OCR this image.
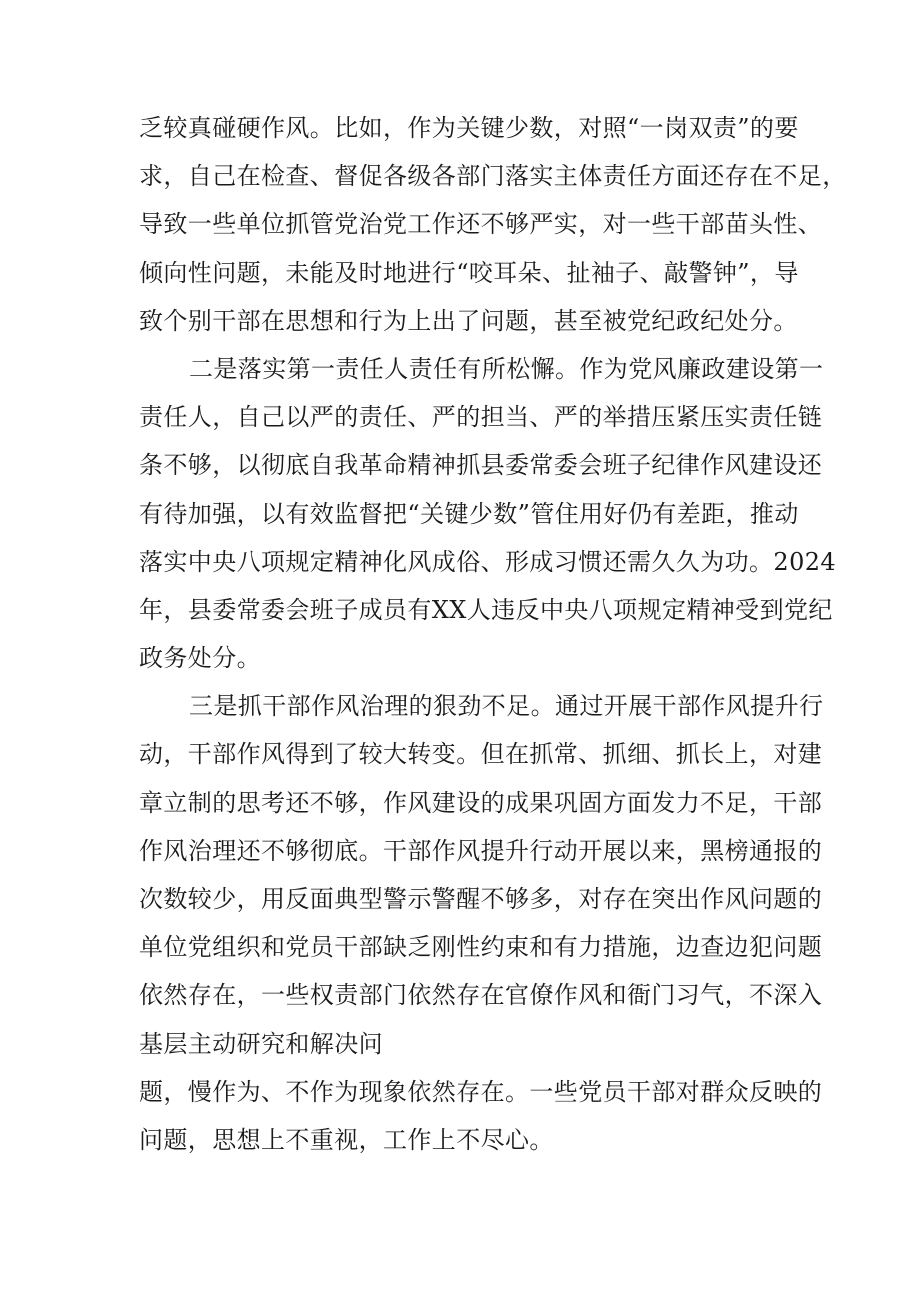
乏较真碰硬作风。比如，作为关键少数，对照“一岗双责”的要
求，自己在检查、督促各级各部门落实主体责任方面还存在不足，
导致一些单位抓管党治党工作还不够严实，对一些干部苗头性、
倾向性问题，未能及时地进行“咬耳朵、扯袖子、敲警钟”，导
致个别干部在思想和行为上出了问题，甚至被党纪政纪处分。
二是落实第一责任人责任有所松懈。作为党风廉政建设第一
责任人，自己以严的责任、严的担当、严的举措压紧压实责任链
条不够，以彻底自我革命精神抓县委常委会班子纪律作风建设还
有待加强，以有效监督把“关键少数”管住用好仍有差距，推动
落实中央八项规定精神化风成俗、形成习惯还需久久为功。2024
年，县委常委会班子成员有XX人违反中央八项规定精神受到党纪
政务处分。
三是抓干部作风治理的狠劲不足。通过开展干部作风提升行
动，干部作风得到了较大转变。但在抓常、抓细、抓长上，对建
章立制的思考还不够，作风建设的成果巩固方面发力不足，干部
作风治理还不够彻底。干部作风提升行动开展以来，黑榜通报的
次数较少，用反面典型警示警醒不够多，对存在突出作风问题的
单位党组织和党员干部缺乏刚性约束和有力措施，边查边犯问题
依然存在，一些权责部门依然存在官僚作风和衙门习气，不深入
基层主动研究和解决问
题，慢作为、不作为现象依然存在。一些党员干部对群众反映的
问题，思想上不重视，工作上不尽心。
